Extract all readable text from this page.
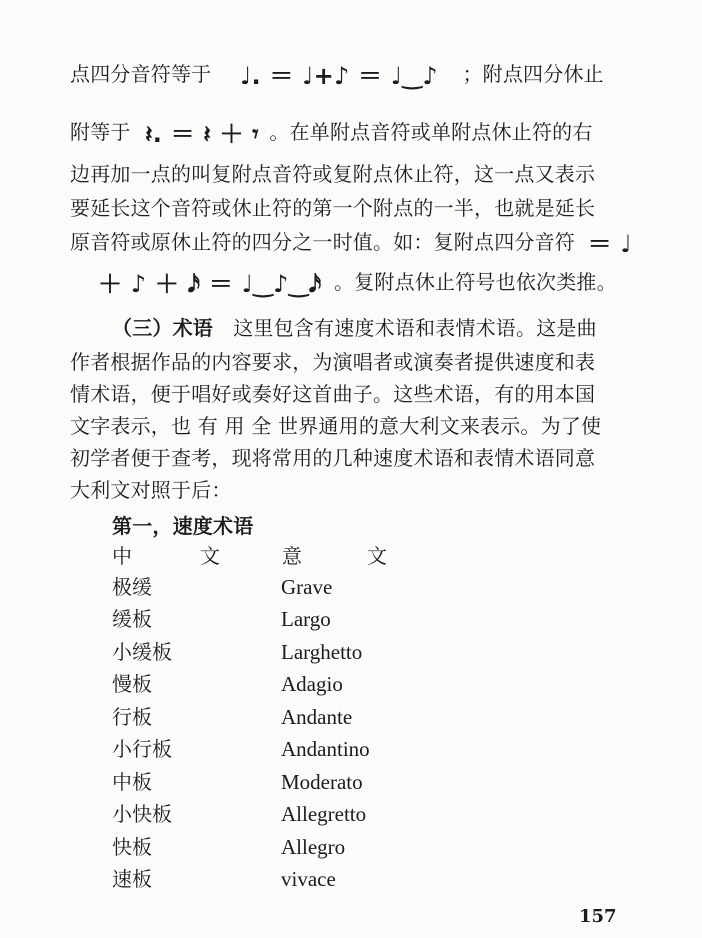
点四分音符等于 ♩. ＝ ♩+♪ ＝ ♩‿♪ ；附点四分休止
附等于 𝄽. ＝ 𝄽 ＋ 𝄾 。在单附点音符或单附点休止符的右
边再加一点的叫复附点音符或复附点休止符，这一点又表示
要延长这个音符或休止符的第一个附点的一半，也就是延长
原音符或原休止符的四分之一时值。如：复附点四分音符 ＝ ♩
＋ ♪ ＋ 𝅘𝅥𝅯 ＝ ♩‿♪‿𝅘𝅥𝅯 。复附点休止符号也依次类推。
（三）术语　这里包含有速度术语和表情术语。这是曲
作者根据作品的内容要求，为演唱者或演奏者提供速度和表
情术语，便于唱好或奏好这首曲子。这些术语，有的用本国
文字表示，也 有 用 全 世界通用的意大利文来表示。为了使
初学者便于查考，现将常用的几种速度术语和表情术语同意
大利文对照于后：
第一，速度术语
中	文	意	文
极缓	Grave
缓板	Largo
小缓板	Larghetto
慢板	Adagio
行板	Andante
小行板	Andantino
中板	Moderato
小快板	Allegretto
快板	Allegro
速板	vivace
157
